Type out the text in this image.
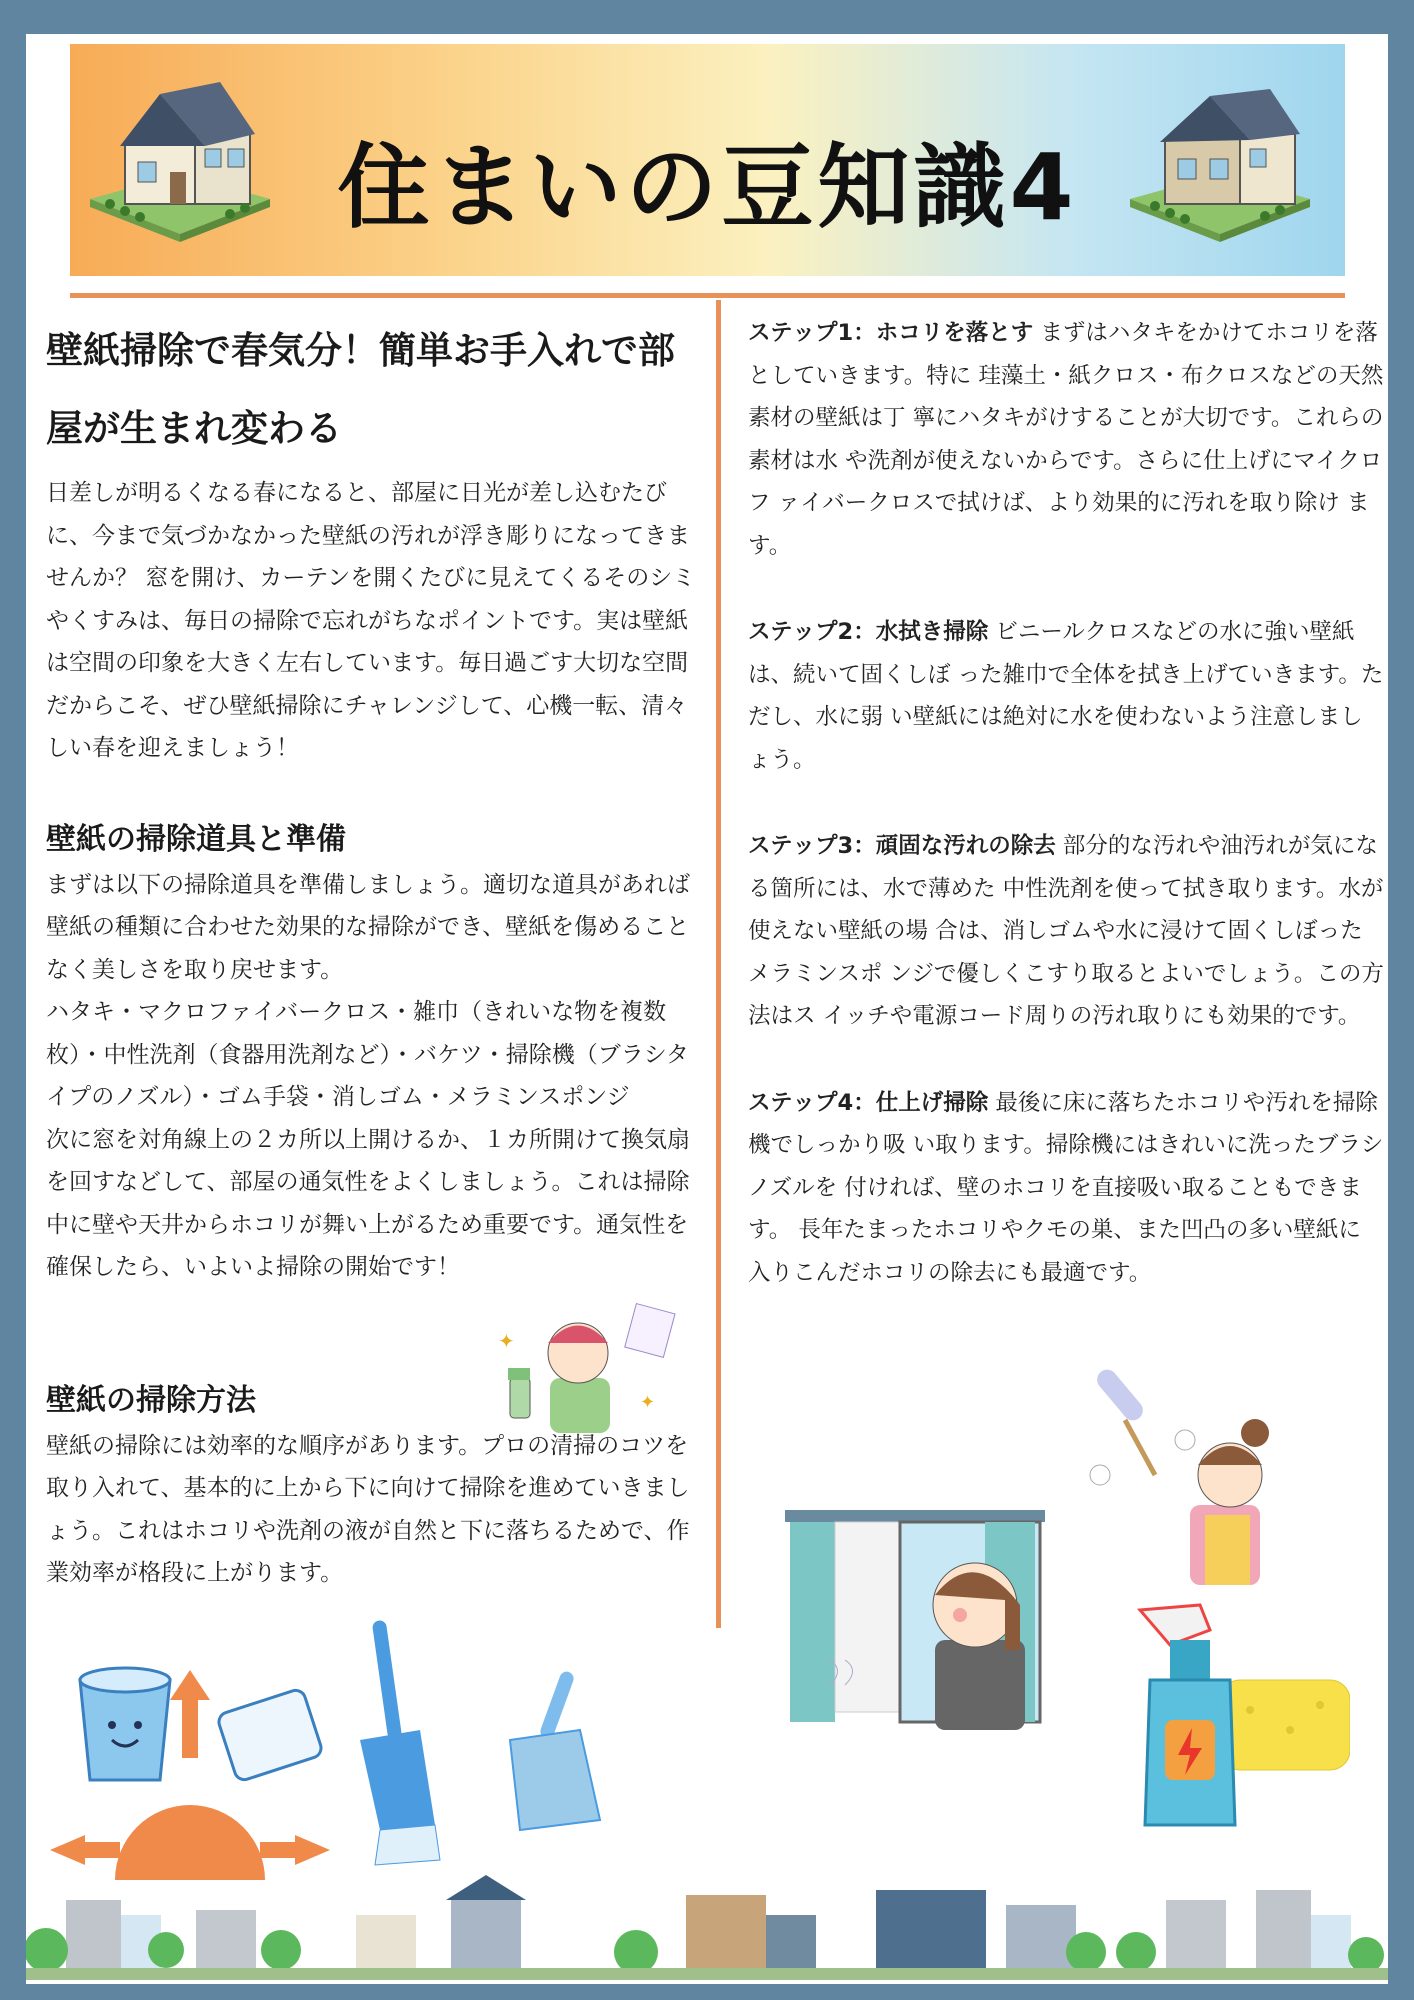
住まいの豆知識4
壁紙掃除で春気分！簡単お手入れで部屋が生まれ変わる
日差しが明るくなる春になると、部屋に日光が差し込むたびに、今まで気づかなかった壁紙の汚れが浮き彫りになってきませんか？ 窓を開け、カーテンを開くたびに見えてくるそのシミやくすみは、毎日の掃除で忘れがちなポイントです。実は壁紙は空間の印象を大きく左右しています。毎日過ごす大切な空間だからこそ、ぜひ壁紙掃除にチャレンジして、心機一転、清々しい春を迎えましょう！
壁紙の掃除道具と準備
まずは以下の掃除道具を準備しましょう。適切な道具があれば壁紙の種類に合わせた効果的な掃除ができ、壁紙を傷めることなく美しさを取り戻せます。
ハタキ・マクロファイバークロス・雑巾（きれいな物を複数枚）・中性洗剤（食器用洗剤など）・バケツ・掃除機（ブラシタイプのノズル）・ゴム手袋・消しゴム・メラミンスポンジ
次に窓を対角線上の２カ所以上開けるか、１カ所開けて換気扇を回すなどして、部屋の通気性をよくしましょう。これは掃除中に壁や天井からホコリが舞い上がるため重要です。通気性を確保したら、いよいよ掃除の開始です！
壁紙の掃除方法
壁紙の掃除には効率的な順序があります。プロの清掃のコツを取り入れて、基本的に上から下に向けて掃除を進めていきましょう。これはホコリや洗剤の液が自然と下に落ちるためで、作業効率が格段に上がります。
ステップ1：ホコリを落とす まずはハタキをかけてホコリを落としていきます。特に 珪藻土・紙クロス・布クロスなどの天然素材の壁紙は丁 寧にハタキがけすることが大切です。これらの素材は水 や洗剤が使えないからです。さらに仕上げにマイクロフ ァイバークロスで拭けば、より効果的に汚れを取り除け ます。
ステップ2：水拭き掃除 ビニールクロスなどの水に強い壁紙は、続いて固くしぼ った雑巾で全体を拭き上げていきます。ただし、水に弱 い壁紙には絶対に水を使わないよう注意しましょう。
ステップ3：頑固な汚れの除去 部分的な汚れや油汚れが気になる箇所には、水で薄めた 中性洗剤を使って拭き取ります。水が使えない壁紙の場 合は、消しゴムや水に浸けて固くしぼったメラミンスポ ンジで優しくこすり取るとよいでしょう。この方法はス イッチや電源コード周りの汚れ取りにも効果的です。
ステップ4：仕上げ掃除 最後に床に落ちたホコリや汚れを掃除機でしっかり吸 い取ります。掃除機にはきれいに洗ったブラシノズルを 付ければ、壁のホコリを直接吸い取ることもできます。 長年たまったホコリやクモの巣、また凹凸の多い壁紙に 入りこんだホコリの除去にも最適です。
✦
✦
